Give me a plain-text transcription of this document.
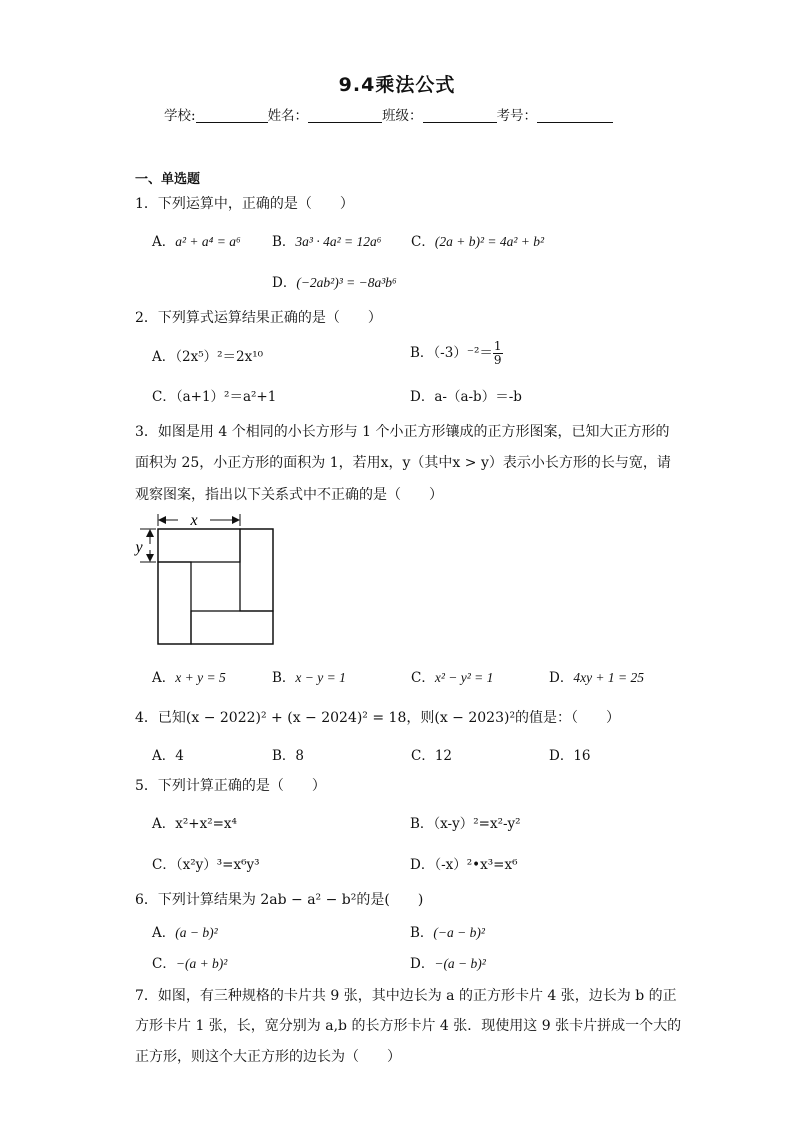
9.4乘法公式
学校:	姓名：	班级：	考号：
一、单选题
1．下列运算中，正确的是（　　）
A．a² + a⁴ = a⁶ B．3a³ · 4a² = 12a⁶ C．(2a + b)² = 4a² + b²
D．(−2ab²)³ = −8a³b⁶
2．下列算式运算结果正确的是（　　）
A．（2x⁵）²＝2x¹⁰	B．$(-3)^{-2}= \frac{1}{9}$
C．（a+1）²＝a²+1	D．a-（a-b）＝-b
3．如图是用 4 个相同的小长方形与 1 个小正方形镶成的正方形图案，已知大正方形的
面积为 25，小正方形的面积为 1，若用x，y（其中x > y）表示小长方形的长与宽，请
观察图案，指出以下关系式中不正确的是（　　）
x
y
A．x + y = 5	B．x − y = 1	C．x² − y² = 1	D．4xy + 1 = 25
4．已知(x − 2022)² + (x − 2024)² = 18，则(x − 2023)²的值是：（　　）
A．4	B．8	C．12	D．16
5．下列计算正确的是（　　）
A．x²+x²=x⁴	B．（x-y）²=x²-y²
C．（x²y）³=x⁶y³	D．（-x）²•x³=x⁶
6．下列计算结果为 2ab − a² − b²的是(　　)
A．(a − b)²	B．(−a − b)²
C．−(a + b)²	D．−(a − b)²
7．如图，有三种规格的卡片共 9 张，其中边长为 a 的正方形卡片 4 张，边长为 b 的正
方形卡片 1 张，长，宽分别为 a,b 的长方形卡片 4 张．现使用这 9 张卡片拼成一个大的
正方形，则这个大正方形的边长为（　　）
